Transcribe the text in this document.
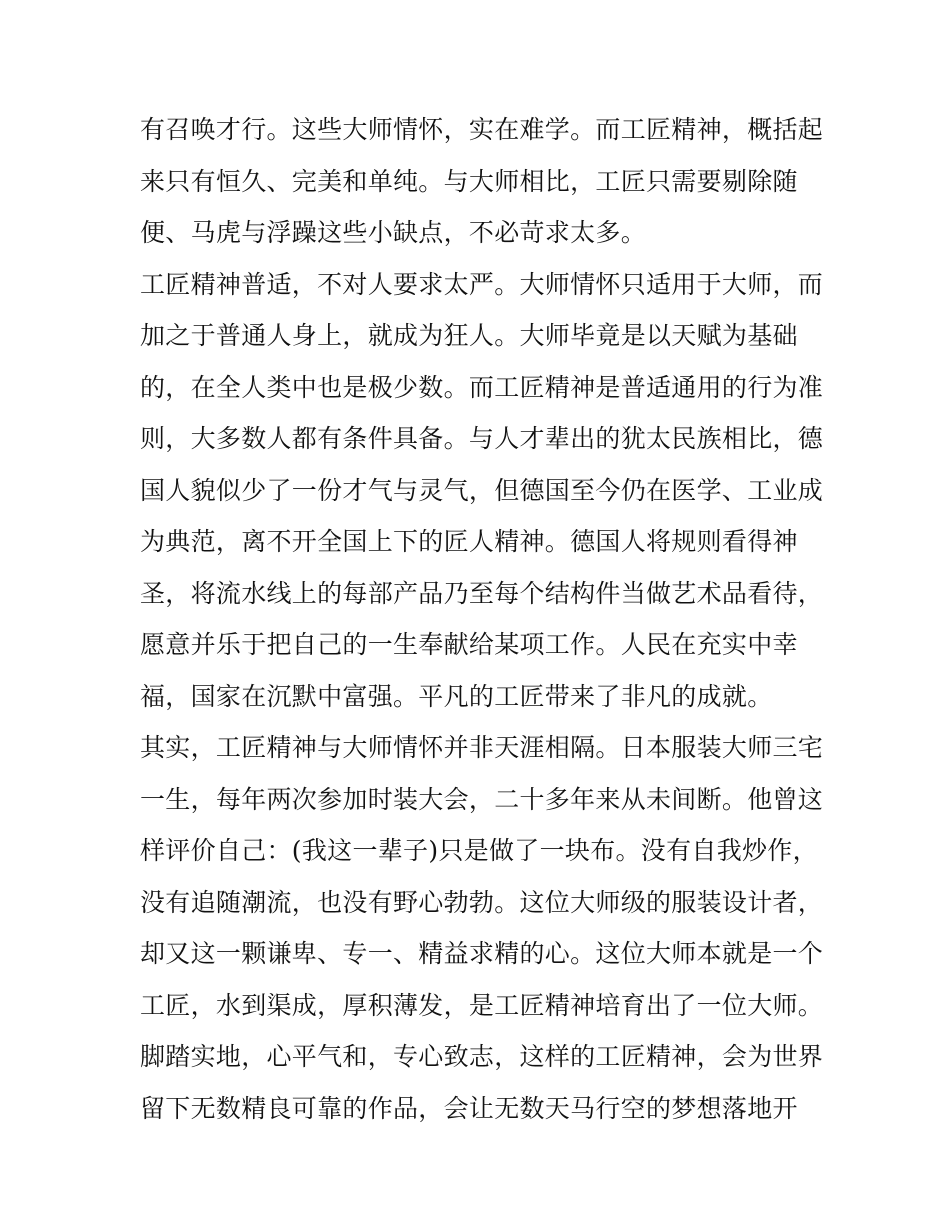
有召唤才行。这些大师情怀，实在难学。而工匠精神，概括起
来只有恒久、完美和单纯。与大师相比，工匠只需要剔除随
便、马虎与浮躁这些小缺点，不必苛求太多。
工匠精神普适，不对人要求太严。大师情怀只适用于大师，而
加之于普通人身上，就成为狂人。大师毕竟是以天赋为基础
的，在全人类中也是极少数。而工匠精神是普适通用的行为准
则，大多数人都有条件具备。与人才辈出的犹太民族相比，德
国人貌似少了一份才气与灵气，但德国至今仍在医学、工业成
为典范，离不开全国上下的匠人精神。德国人将规则看得神
圣，将流水线上的每部产品乃至每个结构件当做艺术品看待，
愿意并乐于把自己的一生奉献给某项工作。人民在充实中幸
福，国家在沉默中富强。平凡的工匠带来了非凡的成就。
其实，工匠精神与大师情怀并非天涯相隔。日本服装大师三宅
一生，每年两次参加时装大会，二十多年来从未间断。他曾这
样评价自己：(我这一辈子)只是做了一块布。没有自我炒作，
没有追随潮流，也没有野心勃勃。这位大师级的服装设计者，
却又这一颗谦卑、专一、精益求精的心。这位大师本就是一个
工匠，水到渠成，厚积薄发，是工匠精神培育出了一位大师。
脚踏实地，心平气和，专心致志，这样的工匠精神，会为世界
留下无数精良可靠的作品，会让无数天马行空的梦想落地开
